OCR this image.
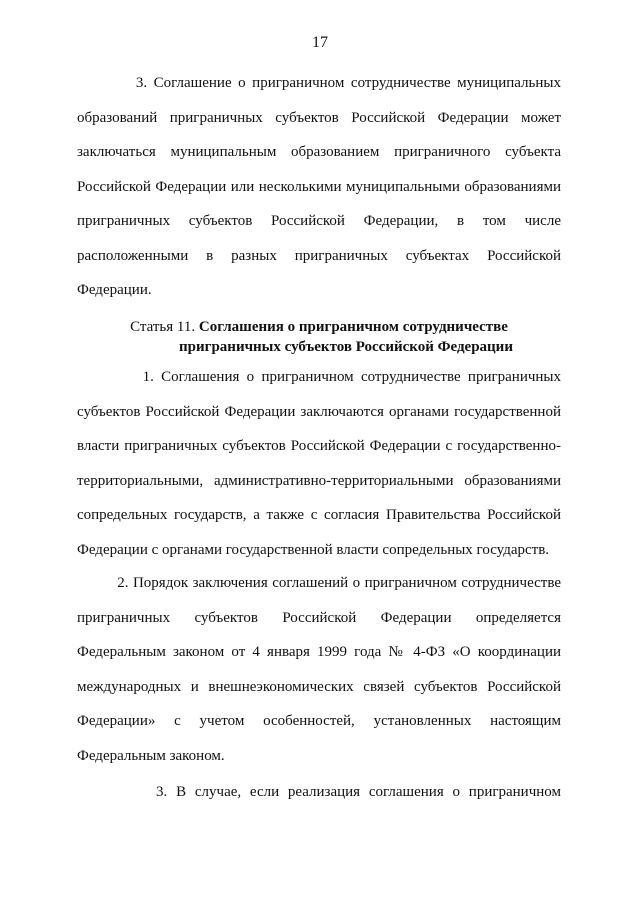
17

3. Соглашение о приграничном сотрудничестве муниципальных образований приграничных субъектов Российской Федерации может заключаться муниципальным образованием приграничного субъекта Российской Федерации или несколькими муниципальными образованиями приграничных субъектов Российской Федерации, в том числе расположенными в разных приграничных субъектах Российской Федерации.

Статья 11. Соглашения о приграничном сотрудничестве
приграничных субъектов Российской Федерации

1. Соглашения о приграничном сотрудничестве приграничных субъектов Российской Федерации заключаются органами государственной власти приграничных субъектов Российской Федерации с государственно-территориальными, административно-территориальными образованиями сопредельных государств, а также с согласия Правительства Российской Федерации с органами государственной власти сопредельных государств.

2. Порядок заключения соглашений о приграничном сотрудничестве приграничных субъектов Российской Федерации определяется Федеральным законом от 4 января 1999 года № 4-ФЗ «О координации международных и внешнеэкономических связей субъектов Российской Федерации» с учетом особенностей, установленных настоящим Федеральным законом.

3. В случае, если реализация соглашения о приграничном
